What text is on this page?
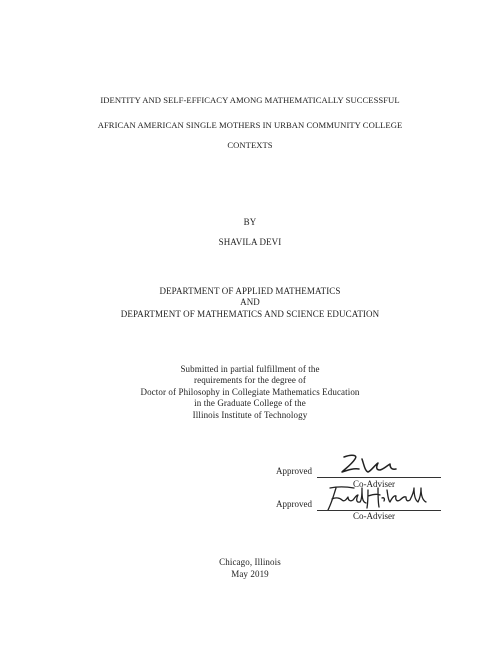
IDENTITY AND SELF-EFFICACY AMONG MATHEMATICALLY SUCCESSFUL
AFRICAN AMERICAN SINGLE MOTHERS IN URBAN COMMUNITY COLLEGE
CONTEXTS
BY
SHAVILA DEVI
DEPARTMENT OF APPLIED MATHEMATICS
AND
DEPARTMENT OF MATHEMATICS AND SCIENCE EDUCATION
Submitted in partial fulfillment of the
requirements for the degree of
Doctor of Philosophy in Collegiate Mathematics Education
in the Graduate College of the
Illinois Institute of Technology
Approved
Co-Adviser
Approved
Co-Adviser
Chicago, Illinois
May 2019
